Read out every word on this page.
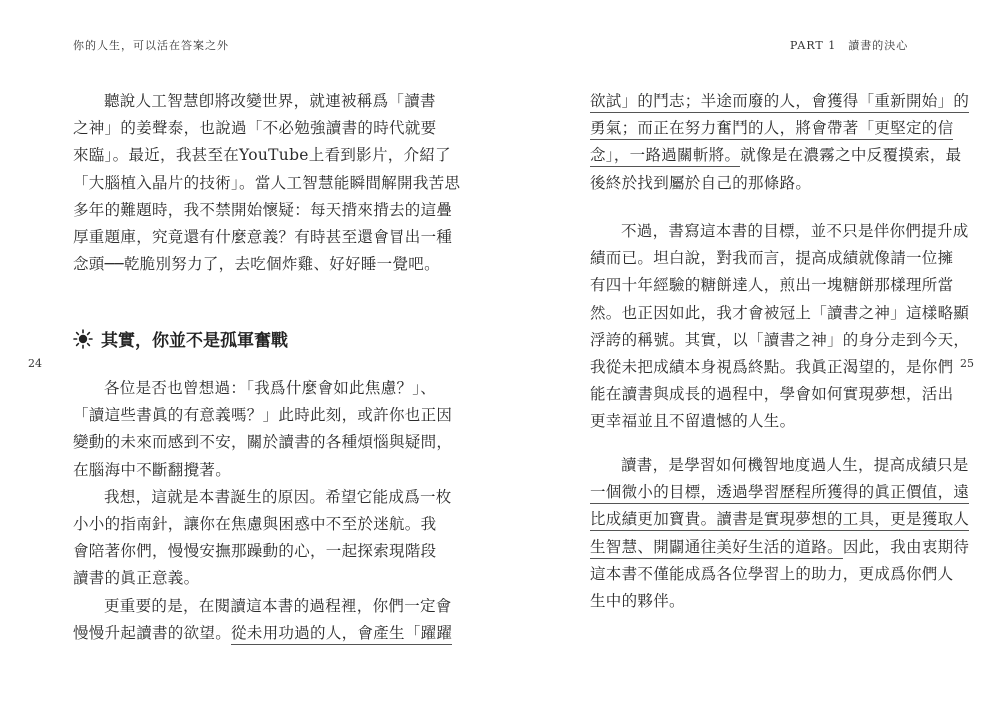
你的人生，可以活在答案之外
24
聽說人工智慧卽將改變世界，就連被稱爲「讀書
之神」的姜聲泰，也說過「不必勉強讀書的時代就要
來臨」。最近，我甚至在YouTube上看到影片，介紹了
「大腦植入晶片的技術」。當人工智慧能瞬間解開我苦思
多年的難題時，我不禁開始懷疑：每天揹來揹去的這疊
厚重題庫，究竟還有什麼意義？有時甚至還會冒出一種
念頭──乾脆別努力了，去吃個炸雞、好好睡一覺吧。
其實，你並不是孤軍奮戰
各位是否也曾想過：「我爲什麼會如此焦慮？」、
「讀這些書眞的有意義嗎？」此時此刻，或許你也正因
變動的未來而感到不安，關於讀書的各種煩惱與疑問，
在腦海中不斷翻攪著。
我想，這就是本書誕生的原因。希望它能成爲一枚
小小的指南針，讓你在焦慮與困惑中不至於迷航。我
會陪著你們，慢慢安撫那躁動的心，一起探索現階段
讀書的眞正意義。
更重要的是，在閱讀這本書的過程裡，你們一定會
慢慢升起讀書的欲望。從未用功過的人，會產生「躍躍
PART 1　讀書的決心
25
欲試」的鬥志；半途而廢的人，會獲得「重新開始」的
勇氣；而正在努力奮鬥的人，將會帶著「更堅定的信
念」，一路過關斬將。就像是在濃霧之中反覆摸索，最
後終於找到屬於自己的那條路。
不過，書寫這本書的目標，並不只是伴你們提升成
績而已。坦白說，對我而言，提高成績就像請一位擁
有四十年經驗的糖餅達人，煎出一塊糖餅那樣理所當
然。也正因如此，我才會被冠上「讀書之神」這樣略顯
浮誇的稱號。其實，以「讀書之神」的身分走到今天，
我從未把成績本身視爲終點。我眞正渴望的，是你們
能在讀書與成長的過程中，學會如何實現夢想，活出
更幸福並且不留遺憾的人生。
讀書，是學習如何機智地度過人生，提高成績只是
一個微小的目標，透過學習歷程所獲得的眞正價值，遠
比成績更加寶貴。讀書是實現夢想的工具，更是獲取人
生智慧、開闢通往美好生活的道路。因此，我由衷期待
這本書不僅能成爲各位學習上的助力，更成爲你們人
生中的夥伴。
